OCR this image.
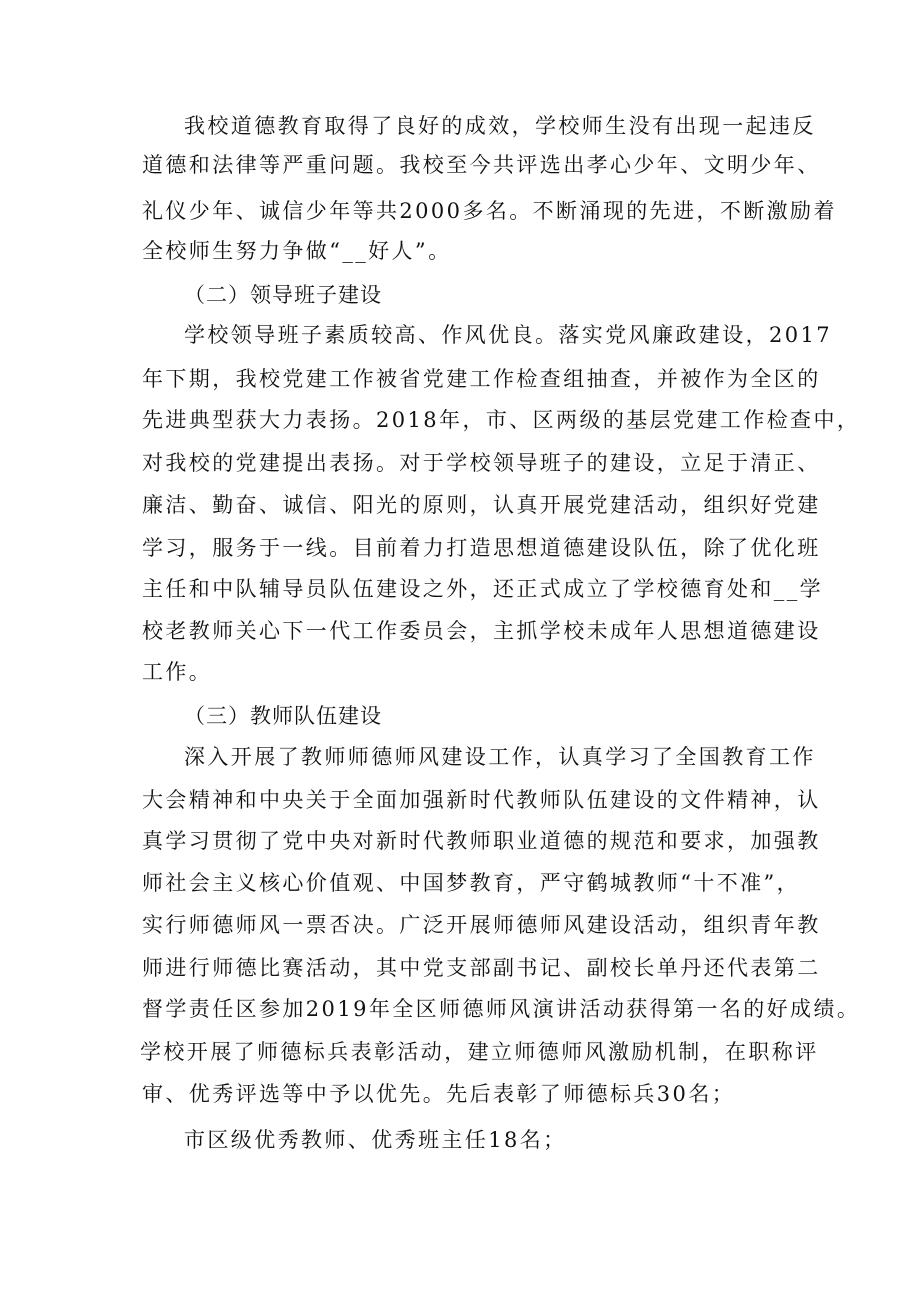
我校道德教育取得了良好的成效，学校师生没有出现一起违反
道德和法律等严重问题。我校至今共评选出孝心少年、文明少年、
礼仪少年、诚信少年等共2000多名。不断涌现的先进，不断激励着
全校师生努力争做“__好人”。
（二）领导班子建设
学校领导班子素质较高、作风优良。落实党风廉政建设，2017
年下期，我校党建工作被省党建工作检查组抽查，并被作为全区的
先进典型获大力表扬。2018年，市、区两级的基层党建工作检查中，
对我校的党建提出表扬。对于学校领导班子的建设，立足于清正、
廉洁、勤奋、诚信、阳光的原则，认真开展党建活动，组织好党建
学习，服务于一线。目前着力打造思想道德建设队伍，除了优化班
主任和中队辅导员队伍建设之外，还正式成立了学校德育处和__学
校老教师关心下一代工作委员会，主抓学校未成年人思想道德建设
工作。
（三）教师队伍建设
深入开展了教师师德师风建设工作，认真学习了全国教育工作
大会精神和中央关于全面加强新时代教师队伍建设的文件精神，认
真学习贯彻了党中央对新时代教师职业道德的规范和要求，加强教
师社会主义核心价值观、中国梦教育，严守鹤城教师“十不准”，
实行师德师风一票否决。广泛开展师德师风建设活动，组织青年教
师进行师德比赛活动，其中党支部副书记、副校长单丹还代表第二
督学责任区参加2019年全区师德师风演讲活动获得第一名的好成绩。
学校开展了师德标兵表彰活动，建立师德师风激励机制，在职称评
审、优秀评选等中予以优先。先后表彰了师德标兵30名；
市区级优秀教师、优秀班主任18名；
